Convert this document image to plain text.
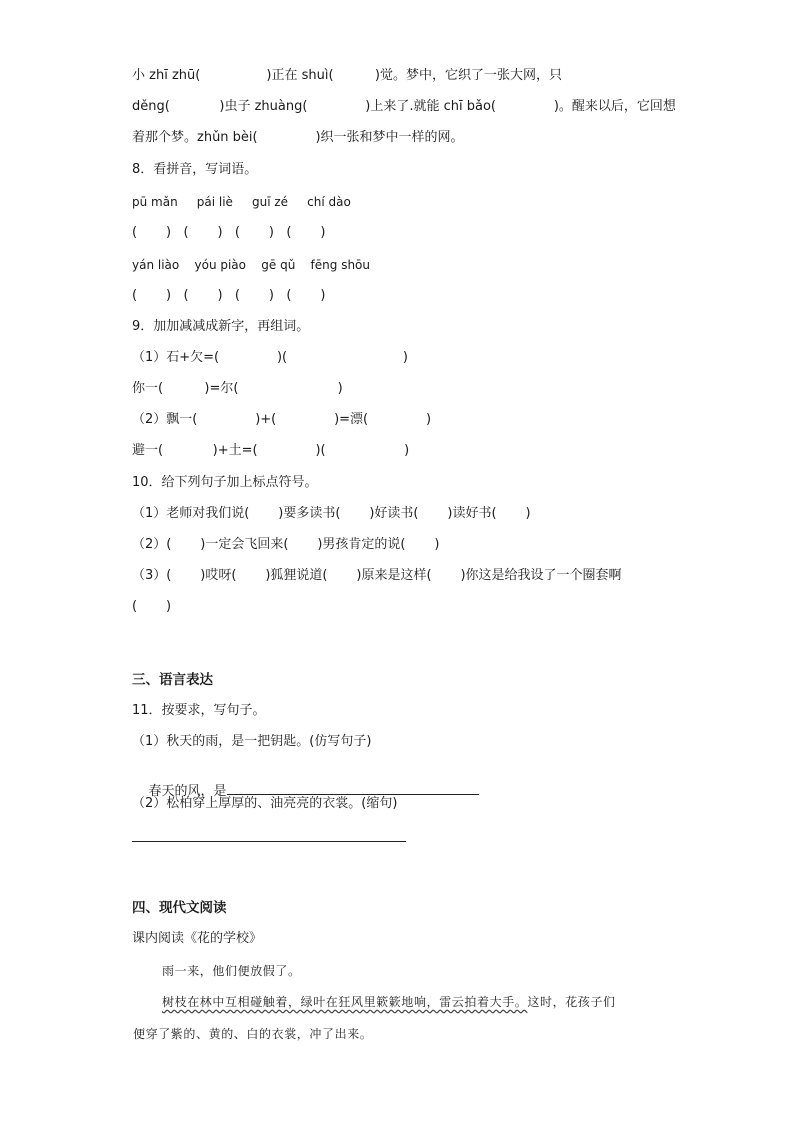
小 zhī zhū(                )正在 shuì(          )觉。梦中，它织了一张大网，只
děng(            )虫子 zhuàng(              )上来了.就能 chī bǎo(              )。醒来以后，它回想
着那个梦。zhǔn bèi(              )织一张和梦中一样的网。
8．看拼音，写词语。
pū mǎn     pái liè     guī zé     chí dào
(       )   (       )   (       )   (       )
yán liào    yóu piào    gē qǔ    fēng shōu
(       )   (       )   (       )   (       )
9．加加减减成新字，再组词。
（1）石+欠=(              )(                            )
你一(          )=尔(                        )
（2）飘一(              )+(              )=漂(              )
避一(            )+土=(              )(                   )
10．给下列句子加上标点符号。
（1）老师对我们说(       )要多读书(       )好读书(       )读好书(       )
（2）(       )一定会飞回来(       )男孩肯定的说(       )
（3）(       )哎呀(       )狐狸说道(       )原来是这样(       )你这是给我设了一个圈套啊
(       )
三、语言表达
11．按要求，写句子。
（1）秋天的雨，是一把钥匙。(仿写句子)

春天的风，是

（2）松柏穿上厚厚的、油亮亮的衣裳。(缩句)
四、现代文阅读
课内阅读《花的学校》
雨一来，他们便放假了。
树枝在林中互相碰触着，绿叶在狂风里簌簌地响，雷云拍着大手。这时，花孩子们
便穿了紫的、黄的、白的衣裳，冲了出来。
